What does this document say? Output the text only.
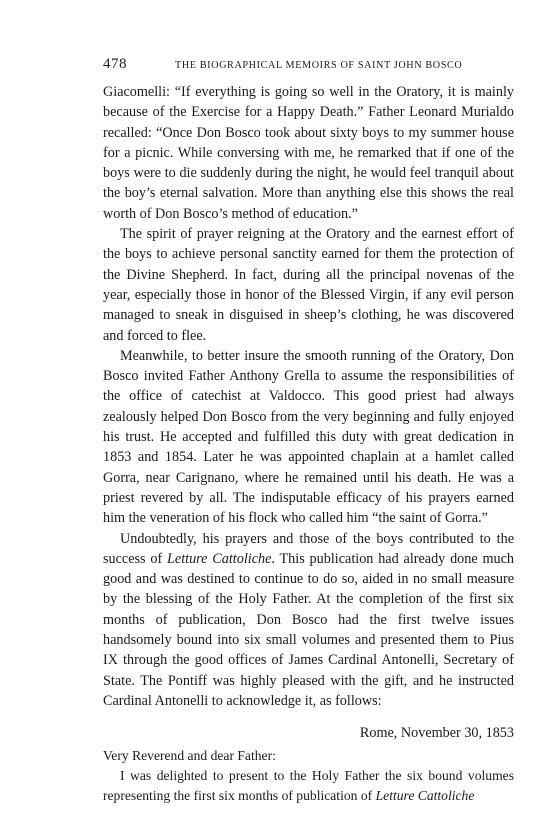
478	THE BIOGRAPHICAL MEMOIRS OF SAINT JOHN BOSCO

Giacomelli: “If everything is going so well in the Oratory, it is mainly because of the Exercise for a Happy Death.” Father Leonard Murialdo recalled: “Once Don Bosco took about sixty boys to my summer house for a picnic. While conversing with me, he remarked that if one of the boys were to die suddenly during the night, he would feel tranquil about the boy’s eternal salvation. More than anything else this shows the real worth of Don Bosco’s method of education.”

The spirit of prayer reigning at the Oratory and the earnest effort of the boys to achieve personal sanctity earned for them the protection of the Divine Shepherd. In fact, during all the principal novenas of the year, especially those in honor of the Blessed Virgin, if any evil person managed to sneak in disguised in sheep’s clothing, he was discovered and forced to flee.

Meanwhile, to better insure the smooth running of the Oratory, Don Bosco invited Father Anthony Grella to assume the responsibilities of the office of catechist at Valdocco. This good priest had always zealously helped Don Bosco from the very beginning and fully enjoyed his trust. He accepted and fulfilled this duty with great dedication in 1853 and 1854. Later he was appointed chaplain at a hamlet called Gorra, near Carignano, where he remained until his death. He was a priest revered by all. The indisputable efficacy of his prayers earned him the veneration of his flock who called him “the saint of Gorra.”

Undoubtedly, his prayers and those of the boys contributed to the success of Letture Cattoliche. This publication had already done much good and was destined to continue to do so, aided in no small measure by the blessing of the Holy Father. At the completion of the first six months of publication, Don Bosco had the first twelve issues handsomely bound into six small volumes and presented them to Pius IX through the good offices of James Cardinal Antonelli, Secretary of State. The Pontiff was highly pleased with the gift, and he instructed Cardinal Antonelli to acknowledge it, as follows:

Rome, November 30, 1853
Very Reverend and dear Father:

I was delighted to present to the Holy Father the six bound volumes representing the first six months of publication of Letture Cattoliche
